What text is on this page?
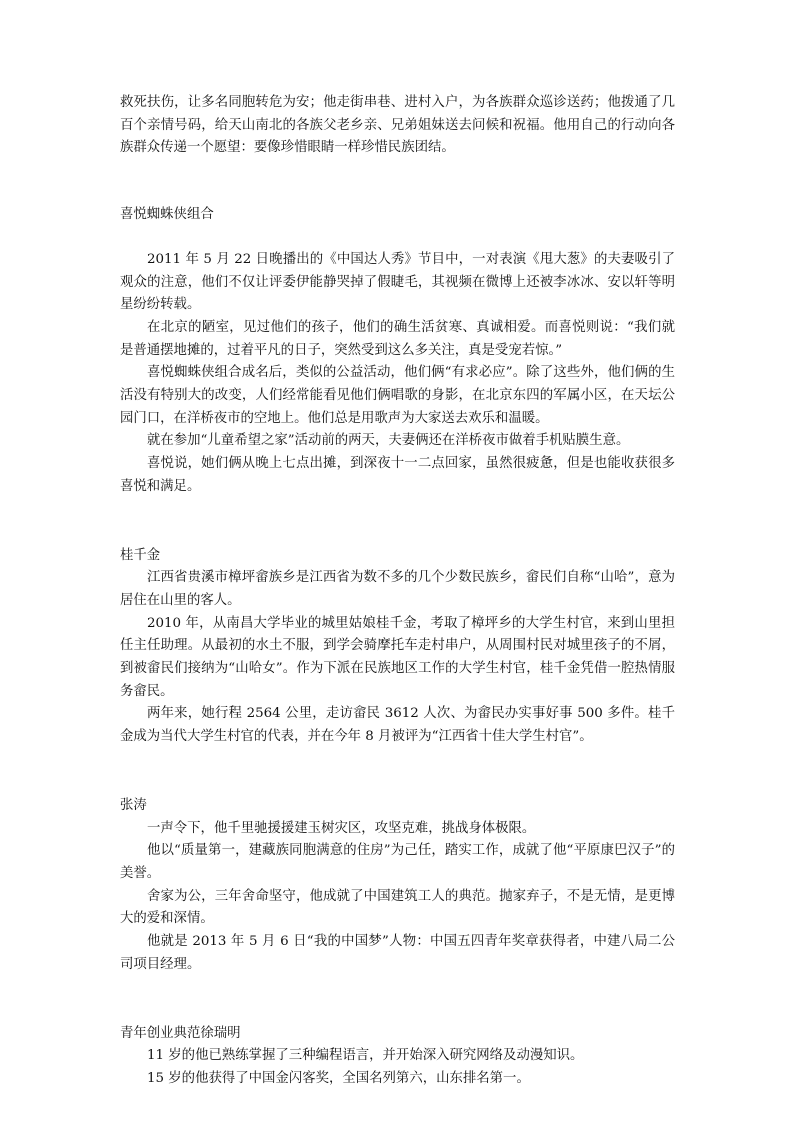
救死扶伤，让多名同胞转危为安；他走街串巷、进村入户，为各族群众巡诊送药；他拨通了几百个亲情号码，给天山南北的各族父老乡亲、兄弟姐妹送去问候和祝福。他用自己的行动向各族群众传递一个愿望：要像珍惜眼睛一样珍惜民族团结。

喜悦蜘蛛侠组合

2011 年 5 月 22 日晚播出的《中国达人秀》节目中，一对表演《甩大葱》的夫妻吸引了观众的注意，他们不仅让评委伊能静哭掉了假睫毛，其视频在微博上还被李冰冰、安以轩等明星纷纷转载。

在北京的陋室，见过他们的孩子，他们的确生活贫寒、真诚相爱。而喜悦则说：“我们就是普通摆地摊的，过着平凡的日子，突然受到这么多关注，真是受宠若惊。”

喜悦蜘蛛侠组合成名后，类似的公益活动，他们俩“有求必应”。除了这些外，他们俩的生活没有特别大的改变，人们经常能看见他们俩唱歌的身影，在北京东四的军属小区，在天坛公园门口，在洋桥夜市的空地上。他们总是用歌声为大家送去欢乐和温暖。

就在参加“儿童希望之家”活动前的两天，夫妻俩还在洋桥夜市做着手机贴膜生意。

喜悦说，她们俩从晚上七点出摊，到深夜十一二点回家，虽然很疲惫，但是也能收获很多喜悦和满足。

桂千金

江西省贵溪市樟坪畲族乡是江西省为数不多的几个少数民族乡，畲民们自称“山哈”，意为居住在山里的客人。

2010 年，从南昌大学毕业的城里姑娘桂千金，考取了樟坪乡的大学生村官，来到山里担任主任助理。从最初的水土不服，到学会骑摩托车走村串户，从周围村民对城里孩子的不屑，到被畲民们接纳为“山哈女”。作为下派在民族地区工作的大学生村官，桂千金凭借一腔热情服务畲民。

两年来，她行程 2564 公里，走访畲民 3612 人次、为畲民办实事好事 500 多件。桂千金成为当代大学生村官的代表，并在今年 8 月被评为“江西省十佳大学生村官”。

张涛

一声令下，他千里驰援援建玉树灾区，攻坚克难，挑战身体极限。

他以“质量第一，建藏族同胞满意的住房”为己任，踏实工作，成就了他“平原康巴汉子”的美誉。

舍家为公，三年舍命坚守，他成就了中国建筑工人的典范。抛家弃子，不是无情，是更博大的爱和深情。

他就是 2013 年 5 月 6 日“我的中国梦”人物：中国五四青年奖章获得者，中建八局二公司项目经理。

青年创业典范徐瑞明

11 岁的他已熟练掌握了三种编程语言，并开始深入研究网络及动漫知识。

15 岁的他获得了中国金闪客奖，全国名列第六，山东排名第一。
